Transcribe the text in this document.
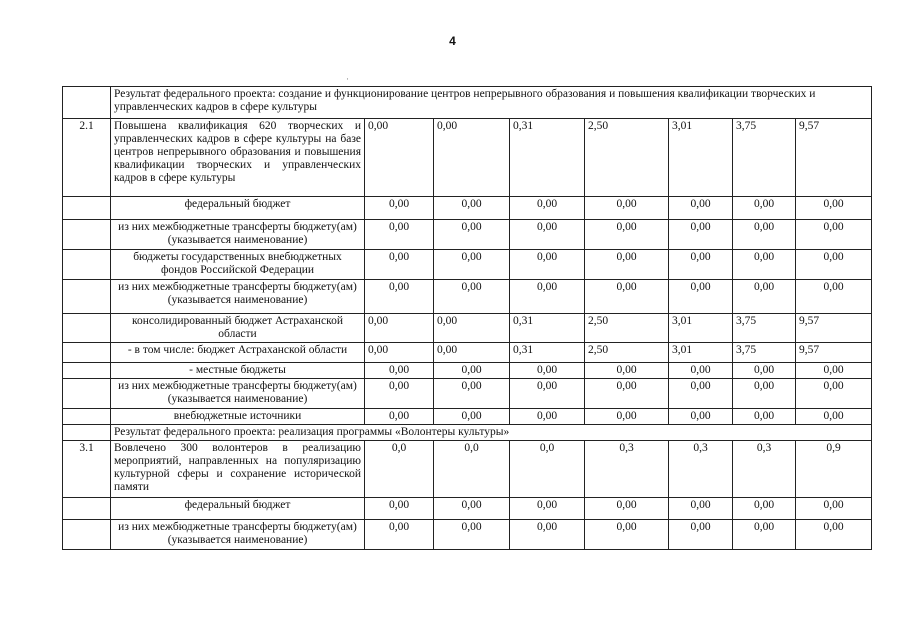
4
·
	Результат федерального проекта: создание и функционирование центров непрерывного образования и повышения квалификации творческих и управленческих кадров в сфере культуры							
2.1	Повышена квалификация 620 творческих и управленческих кадров в сфере культуры на базе центров непрерывного образования и повышения квалификации творческих и управленческих кадров в сфере культуры	0,00	0,00	0,31	2,50	3,01	3,75	9,57
	федеральный бюджет	0,00	0,00	0,00	0,00	0,00	0,00	0,00
	из них межбюджетные трансферты бюджету(ам) (указывается наименование)	0,00	0,00	0,00	0,00	0,00	0,00	0,00
	бюджеты государственных внебюджетных фондов Российской Федерации	0,00	0,00	0,00	0,00	0,00	0,00	0,00
	из них межбюджетные трансферты бюджету(ам) (указывается наименование)	0,00	0,00	0,00	0,00	0,00	0,00	0,00
	консолидированный бюджет Астраханской области	0,00	0,00	0,31	2,50	3,01	3,75	9,57
	- в том числе: бюджет Астраханской области	0,00	0,00	0,31	2,50	3,01	3,75	9,57
	- местные бюджеты	0,00	0,00	0,00	0,00	0,00	0,00	0,00
	из них межбюджетные трансферты бюджету(ам) (указывается наименование)	0,00	0,00	0,00	0,00	0,00	0,00	0,00
	внебюджетные источники	0,00	0,00	0,00	0,00	0,00	0,00	0,00
	Результат федерального проекта: реализация программы «Волонтеры культуры»							
3.1	Вовлечено 300 волонтеров в реализацию мероприятий, направленных на популяризацию культурной сферы и сохранение исторической памяти	0,0	0,0	0,0	0,3	0,3	0,3	0,9
	федеральный бюджет	0,00	0,00	0,00	0,00	0,00	0,00	0,00
	из них межбюджетные трансферты бюджету(ам) (указывается наименование)	0,00	0,00	0,00	0,00	0,00	0,00	0,00
